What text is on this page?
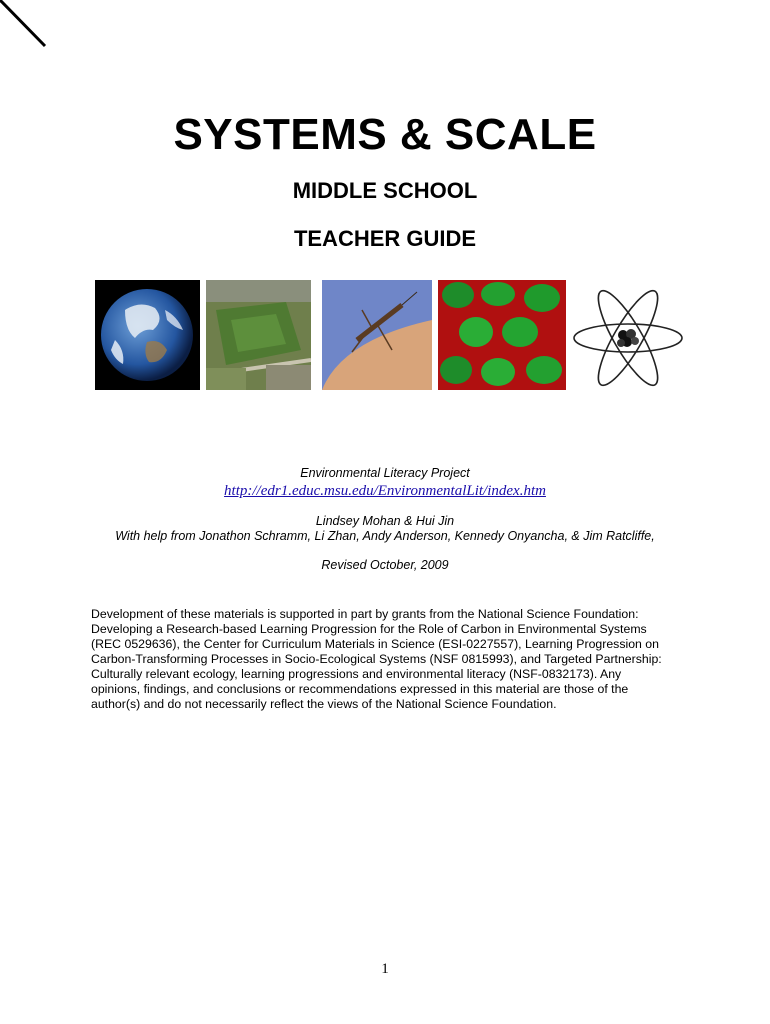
SYSTEMS & SCALE
MIDDLE SCHOOL
TEACHER GUIDE
Environmental Literacy Project
http://edr1.educ.msu.edu/EnvironmentalLit/index.htm
Lindsey Mohan & Hui Jin
With help from Jonathon Schramm, Li Zhan, Andy Anderson, Kennedy Onyancha, & Jim Ratcliffe,
Revised October, 2009
Development of these materials is supported in part by grants from the National Science Foundation:
Developing a Research-based Learning Progression for the Role of Carbon in Environmental Systems
(REC 0529636), the Center for Curriculum Materials in Science (ESI-0227557), Learning Progression on
Carbon-Transforming Processes in Socio-Ecological Systems (NSF 0815993), and Targeted Partnership:
Culturally relevant ecology, learning progressions and environmental literacy (NSF-0832173). Any
opinions, findings, and conclusions or recommendations expressed in this material are those of the
author(s) and do not necessarily reflect the views of the National Science Foundation.
1
